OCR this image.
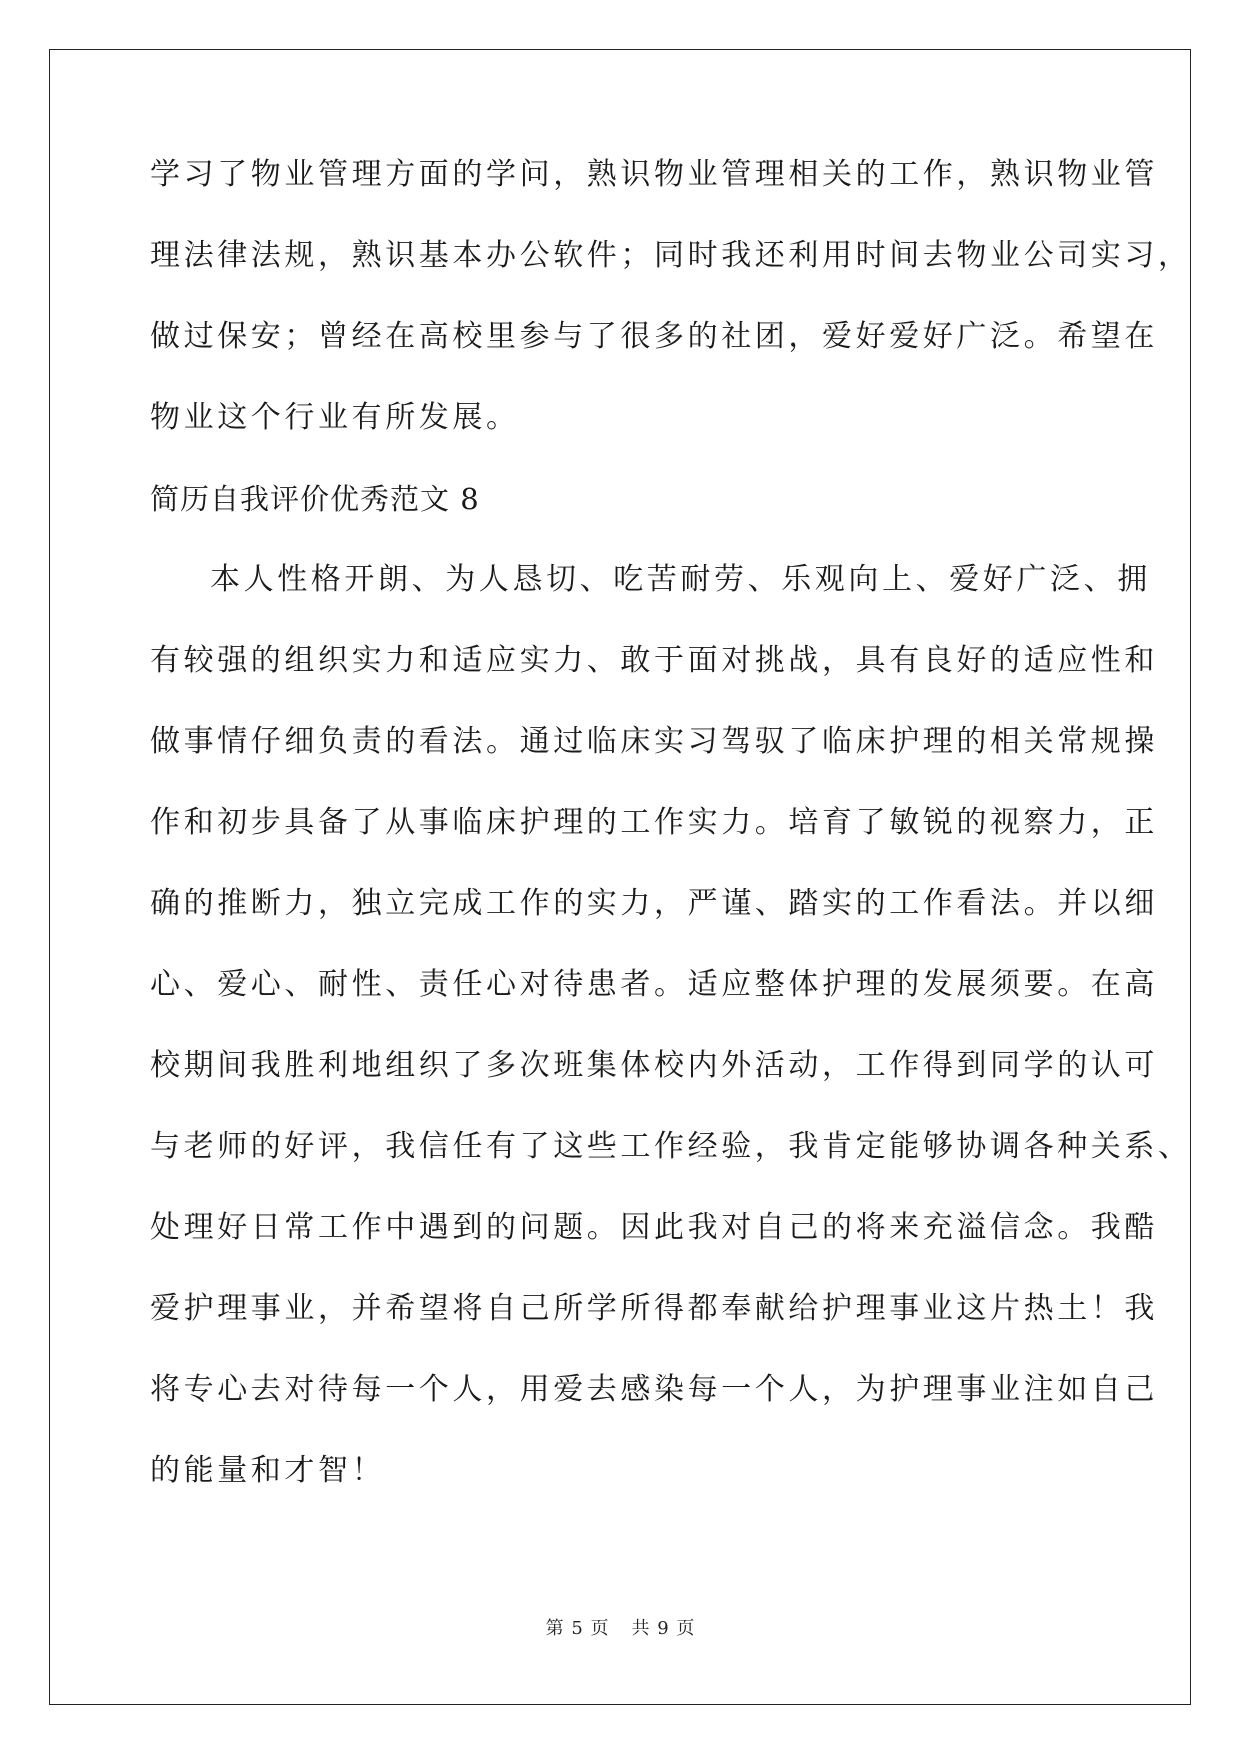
学习了物业管理方面的学问，熟识物业管理相关的工作，熟识物业管
理法律法规，熟识基本办公软件；同时我还利用时间去物业公司实习，
做过保安；曾经在高校里参与了很多的社团，爱好爱好广泛。希望在
物业这个行业有所发展。
简历自我评价优秀范文 8
本人性格开朗、为人恳切、吃苦耐劳、乐观向上、爱好广泛、拥
有较强的组织实力和适应实力、敢于面对挑战，具有良好的适应性和
做事情仔细负责的看法。通过临床实习驾驭了临床护理的相关常规操
作和初步具备了从事临床护理的工作实力。培育了敏锐的视察力，正
确的推断力，独立完成工作的实力，严谨、踏实的工作看法。并以细
心、爱心、耐性、责任心对待患者。适应整体护理的发展须要。在高
校期间我胜利地组织了多次班集体校内外活动，工作得到同学的认可
与老师的好评，我信任有了这些工作经验，我肯定能够协调各种关系、
处理好日常工作中遇到的问题。因此我对自己的将来充溢信念。我酷
爱护理事业，并希望将自己所学所得都奉献给护理事业这片热土！我
将专心去对待每一个人，用爱去感染每一个人，为护理事业注如自己
的能量和才智！
第 5 页 共 9 页
